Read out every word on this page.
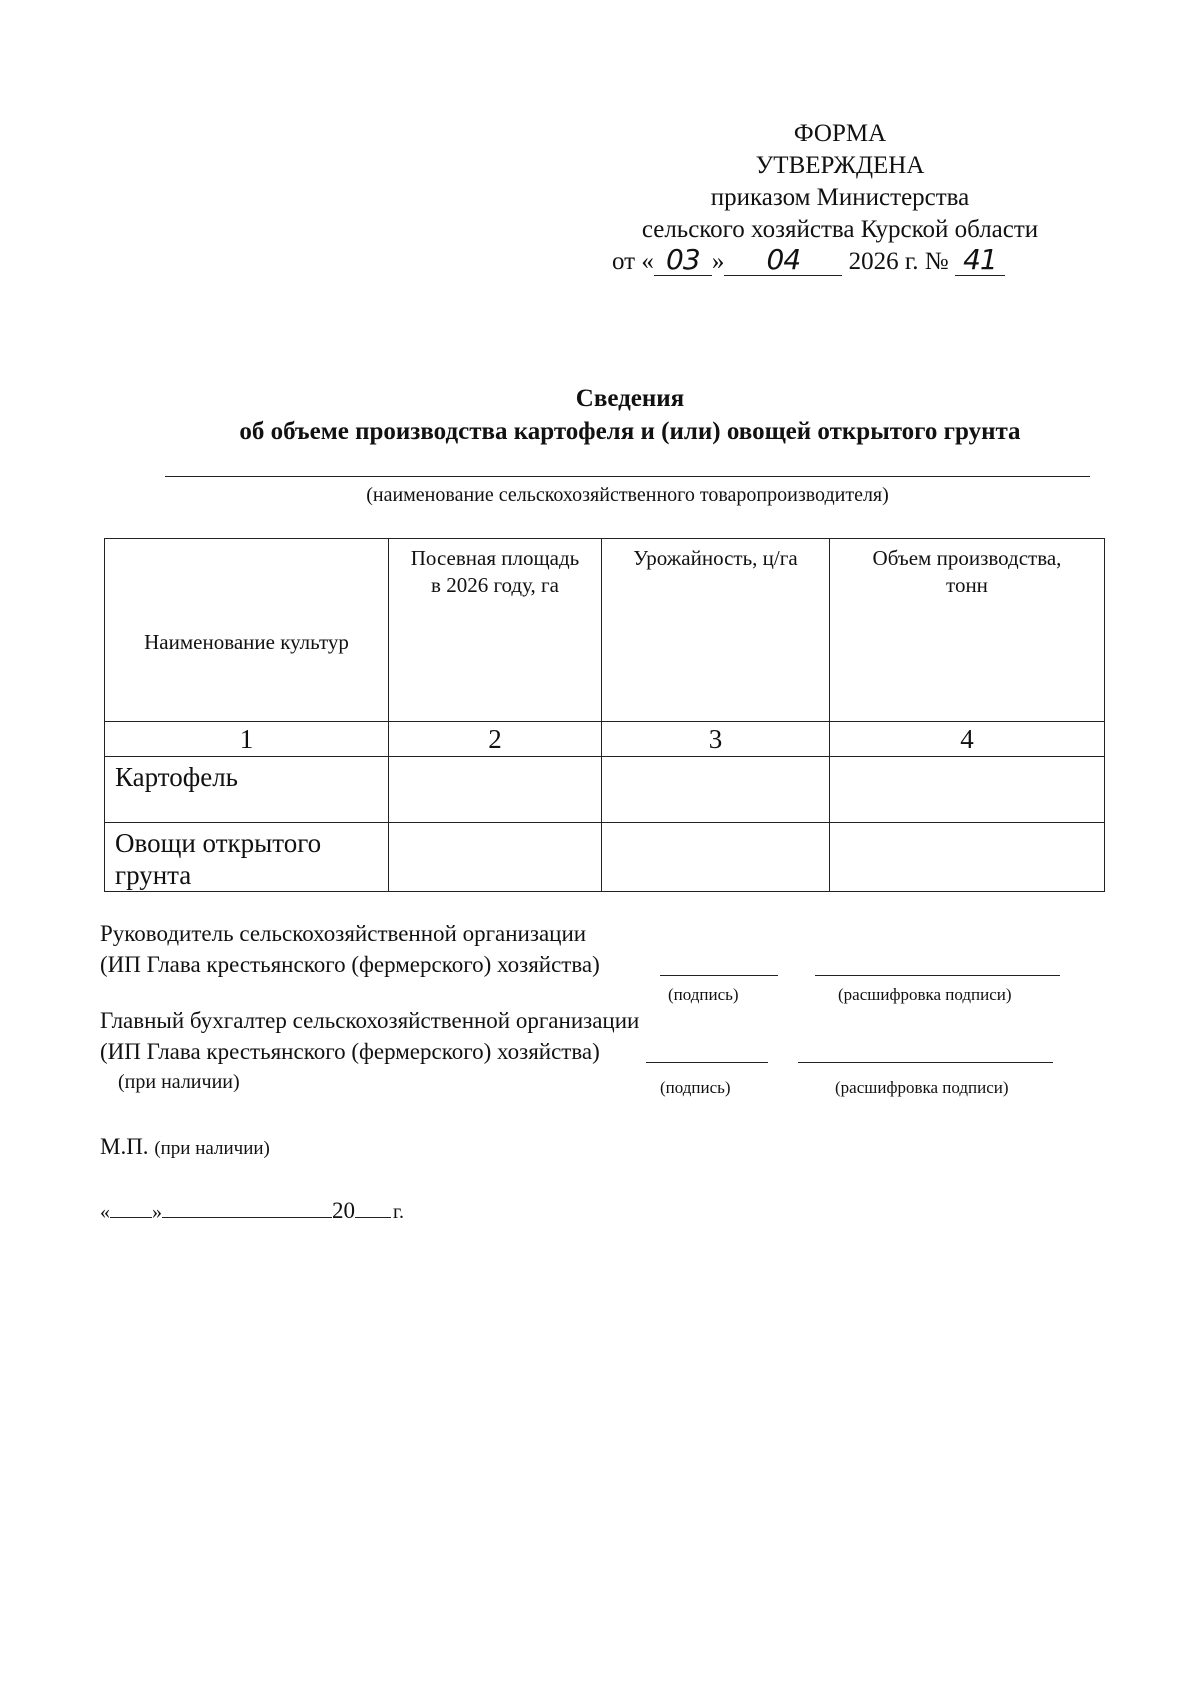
ФОРМА
УТВЕРЖДЕНА
приказом Министерства
сельского хозяйства Курской области
от « 03 » 04 2026 г. № 41
Сведения
об объеме производства картофеля и (или) овощей открытого грунта
(наименование сельскохозяйственного товаропроизводителя)
Наименование культур	Посевная площадь в 2026 году, га	Урожайность, ц/га	Объем производства, тонн
1	2	3	4
Картофель			
Овощи открытого грунта			
Руководитель сельскохозяйственной организации
(ИП Глава крестьянского (фермерского) хозяйства)
(подпись)	(расшифровка подписи)
Главный бухгалтер сельскохозяйственной организации
(ИП Глава крестьянского (фермерского) хозяйства)
(при наличии)	(подпись)	(расшифровка подписи)
М.П. (при наличии)
« »	20 г.
